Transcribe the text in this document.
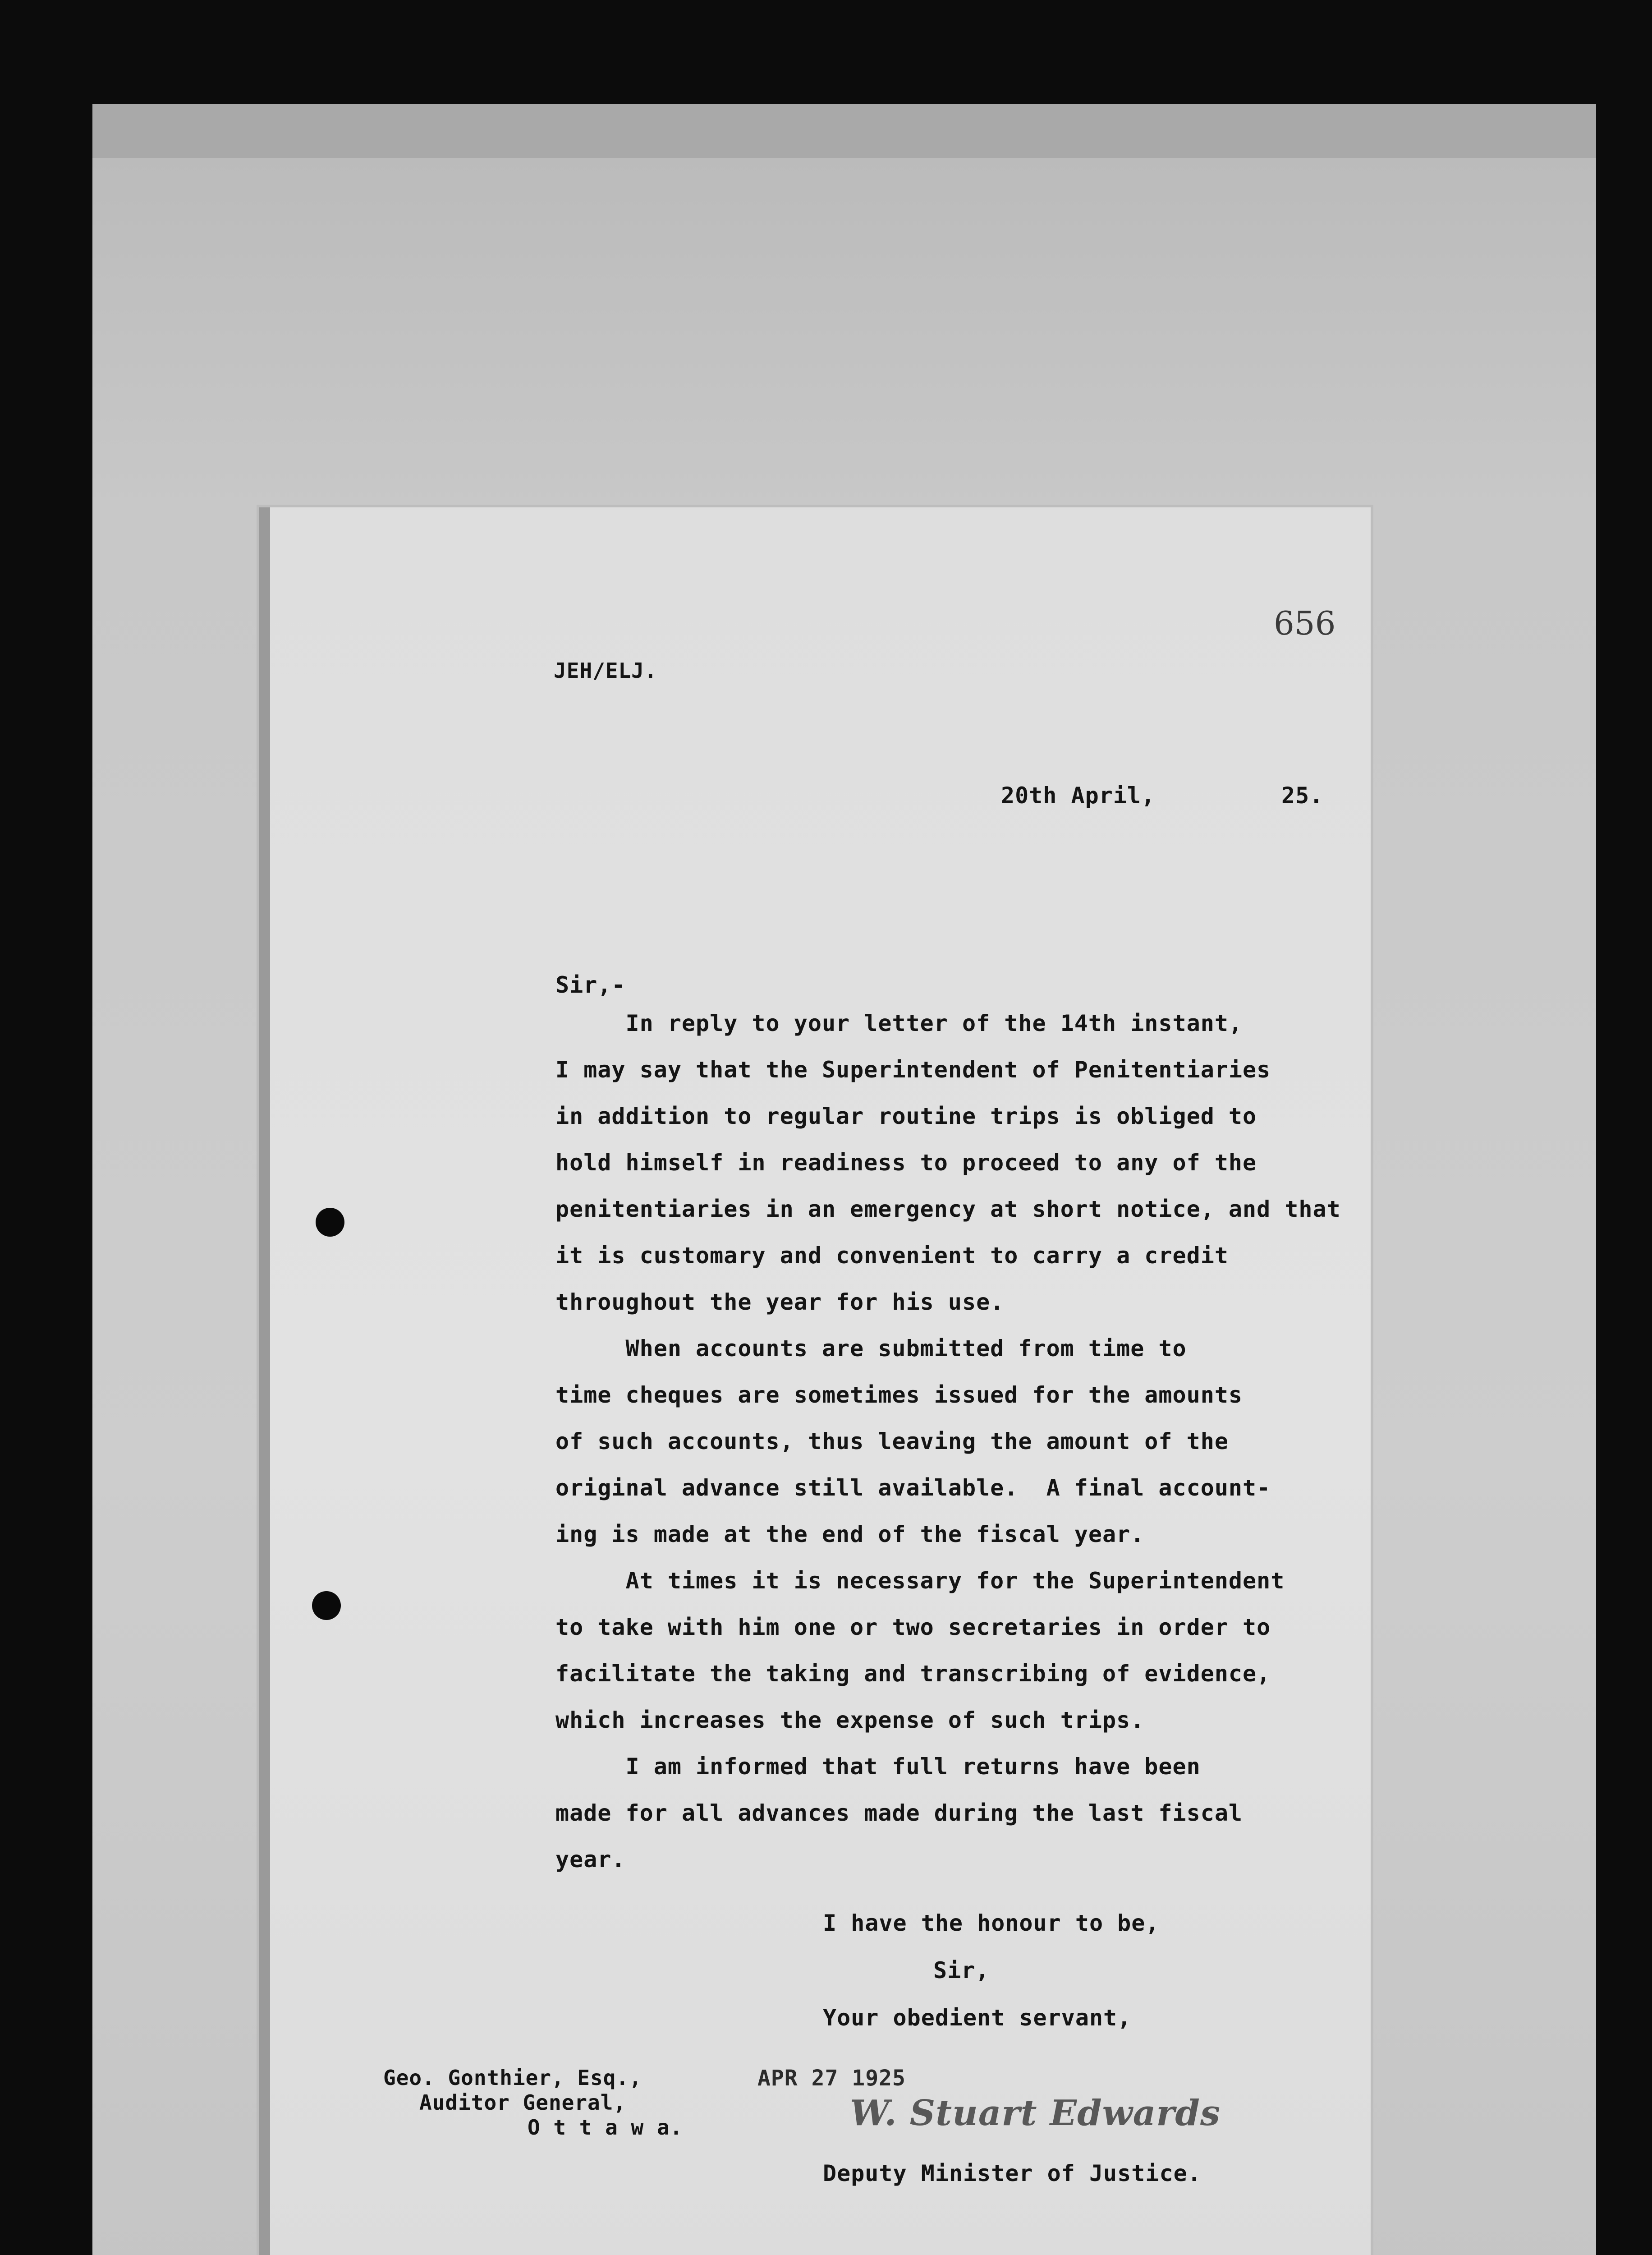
656
JEH/ELJ.
20th April,         25.
Sir,-
In reply to your letter of the 14th instant,
I may say that the Superintendent of Penitentiaries
in addition to regular routine trips is obliged to
hold himself in readiness to proceed to any of the
penitentiaries in an emergency at short notice, and that
it is customary and convenient to carry a credit
throughout the year for his use.
When accounts are submitted from time to
time cheques are sometimes issued for the amounts
of such accounts, thus leaving the amount of the
original advance still available.  A final account-
ing is made at the end of the fiscal year.
At times it is necessary for the Superintendent
to take with him one or two secretaries in order to
facilitate the taking and transcribing of evidence,
which increases the expense of such trips.
I am informed that full returns have been
made for all advances made during the last fiscal
year.
I have the honour to be,
Sir,
Your obedient servant,
Geo. Gonthier, Esq.,
Auditor General,
O t t a w a.
APR 27 1925
W. Stuart Edwards
Deputy Minister of Justice.
